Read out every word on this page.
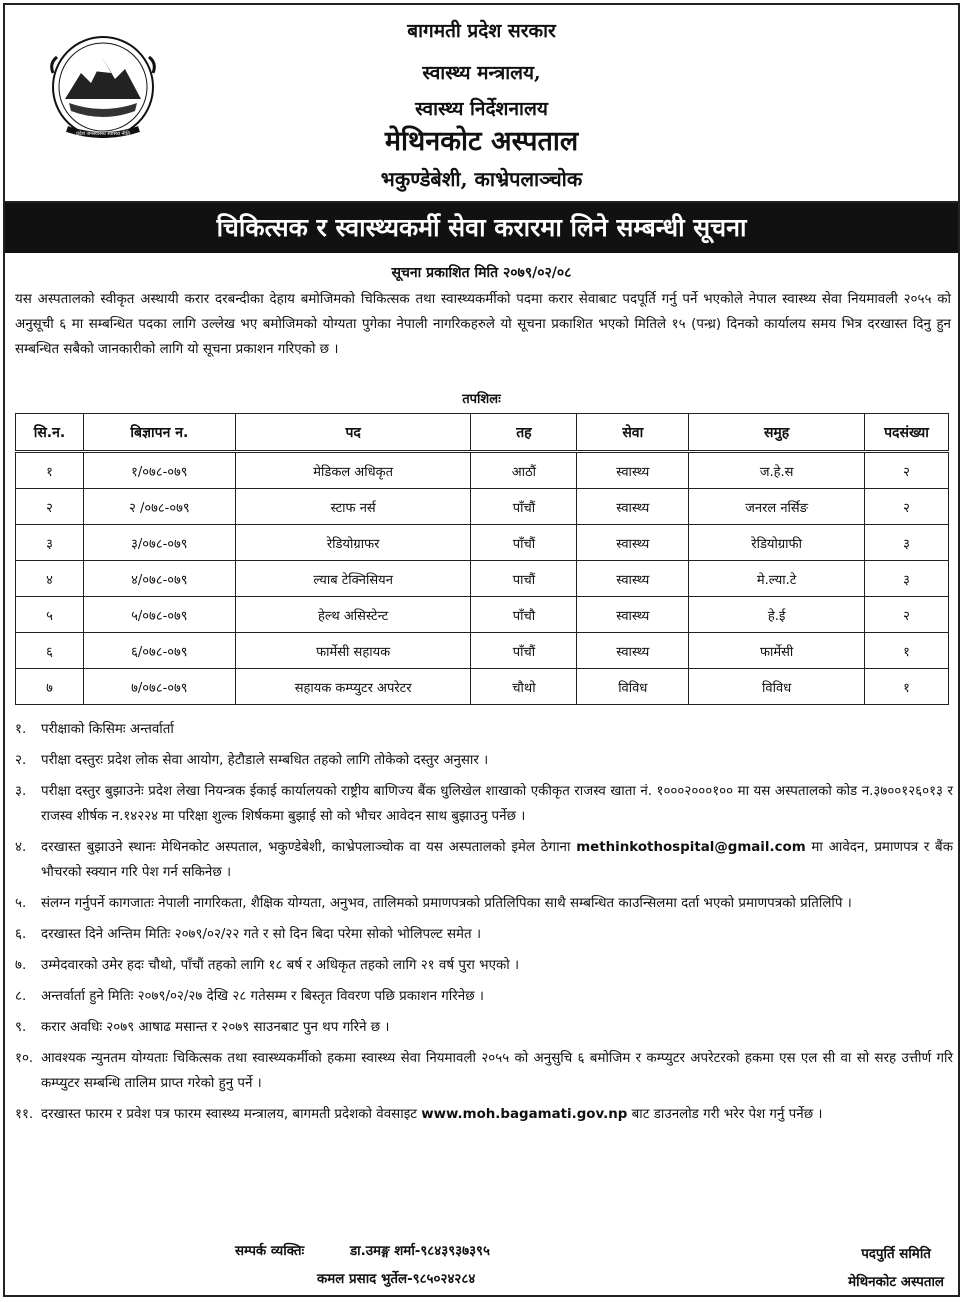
प्रदेश जनस्वास्थ्य स्वास्थ्य नीति
बागमती प्रदेश सरकार
स्वास्थ्य मन्त्रालय,
स्वास्थ्य निर्देशनालय
मेथिनकोट अस्पताल
भकुण्डेबेशी, काभ्रेपलाञ्चोक
चिकित्सक र स्वास्थ्यकर्मी सेवा करारमा लिने सम्बन्धी सूचना
सूचना प्रकाशित मिति २०७९/०२/०८
यस अस्पतालको स्वीकृत अस्थायी करार दरबन्दीका देहाय बमोजिमको चिकित्सक तथा स्वास्थ्यकर्मीको पदमा करार सेवाबाट पदपूर्ति गर्नु पर्ने भएकोले नेपाल स्वास्थ्य सेवा नियमावली २०५५ को अनुसूची ६ मा सम्बन्धित पदका लागि उल्लेख भए बमोजिमको योग्यता पुगेका नेपाली नागरिकहरुले यो सूचना प्रकाशित भएको मितिले १५ (पन्ध्र) दिनको कार्यालय समय भित्र दरखास्त दिनु हुन सम्बन्धित सबैको जानकारीको लागि यो सूचना प्रकाशन गरिएको छ ।
तपशिलः
सि.न.	बिज्ञापन न.	पद	तह	सेवा	समुह	पदसंख्या
१	१/०७८-०७९	मेडिकल अधिकृत	आठौं	स्वास्थ्य	ज.हे.स	२
२	२ /०७८-०७९	स्टाफ नर्स	पाँचौं	स्वास्थ्य	जनरल नर्सिङ	२
३	३/०७८-०७९	रेडियोग्राफर	पाँचौं	स्वास्थ्य	रेडियोग्राफी	३
४	४/०७८-०७९	ल्याब टेक्निसियन	पाचौं	स्वास्थ्य	मे.ल्या.टे	३
५	५/०७८-०७९	हेल्थ असिस्टेन्ट	पाँचौ	स्वास्थ्य	हे.ई	२
६	६/०७८-०७९	फार्मेसी सहायक	पाँचौं	स्वास्थ्य	फार्मेसी	१
७	७/०७८-०७९	सहायक कम्प्युटर अपरेटर	चौथो	विविध	विविध	१
१. परीक्षाको किसिमः अन्तर्वार्ता
२. परीक्षा दस्तुरः प्रदेश लोक सेवा आयोग, हेटौडाले सम्बधित तहको लागि तोकेको दस्तुर अनुसार ।
३. परीक्षा दस्तुर बुझाउनेः प्रदेश लेखा नियन्त्रक ईकाई कार्यालयको राष्ट्रीय बाणिज्य बैंक धुलिखेल शाखाको एकीकृत राजस्व खाता नं. १०००२०००१०० मा यस अस्पतालको कोड न.३७००१२६०१३ र राजस्व शीर्षक न.१४२२४ मा परिक्षा शुल्क शिर्षकमा बुझाई सो को भौचर आवेदन साथ बुझाउनु पर्नेछ ।
४. दरखास्त बुझाउने स्थानः मेथिनकोट अस्पताल, भकुण्डेबेशी, काभ्रेपलाञ्चोक वा यस अस्पतालको इमेल ठेगाना methinkothospital@gmail.com मा आवेदन, प्रमाणपत्र र बैंक भौचरको स्क्यान गरि पेश गर्न सकिनेछ ।
५. संलग्न गर्नुपर्ने कागजातः नेपाली नागरिकता, शैक्षिक योग्यता, अनुभव, तालिमको प्रमाणपत्रको प्रतिलिपिका साथै सम्बन्धित काउन्सिलमा दर्ता भएको प्रमाणपत्रको प्रतिलिपि ।
६. दरखास्त दिने अन्तिम मितिः २०७९/०२/२२ गते र सो दिन बिदा परेमा सोको भोलिपल्ट समेत ।
७. उम्मेदवारको उमेर हदः चौथो, पाँचौं तहको लागि १८ बर्ष र अधिकृत तहको लागि २१ वर्ष पुरा भएको ।
८. अन्तर्वार्ता हुने मितिः २०७९/०२/२७ देखि २८ गतेसम्म र बिस्तृत विवरण पछि प्रकाशन गरिनेछ ।
९. करार अवधिः २०७९ आषाढ मसान्त र २०७९ साउनबाट पुन थप गरिने छ ।
१०. आवश्यक न्युनतम योग्यताः चिकित्सक तथा स्वास्थ्यकर्मीको हकमा स्वास्थ्य सेवा नियमावली २०५५ को अनुसुचि ६ बमोजिम र कम्प्युटर अपरेटरको हकमा एस एल सी वा सो सरह उत्तीर्ण गरि कम्प्युटर सम्बन्धि तालिम प्राप्त गरेको हुनु पर्ने ।
११. दरखास्त फारम र प्रवेश पत्र फारम स्वास्थ्य मन्त्रालय, बागमती प्रदेशको वेवसाइट www.moh.bagamati.gov.np बाट डाउनलोड गरी भरेर पेश गर्नु पर्नेछ ।
सम्पर्क व्यक्तिः	डा.उमङ्ग शर्मा-९८४३९३७३९५
कमल प्रसाद भुर्तेल-९८५०२४२८४
पदपुर्ति समिति
मेथिनकोट अस्पताल
